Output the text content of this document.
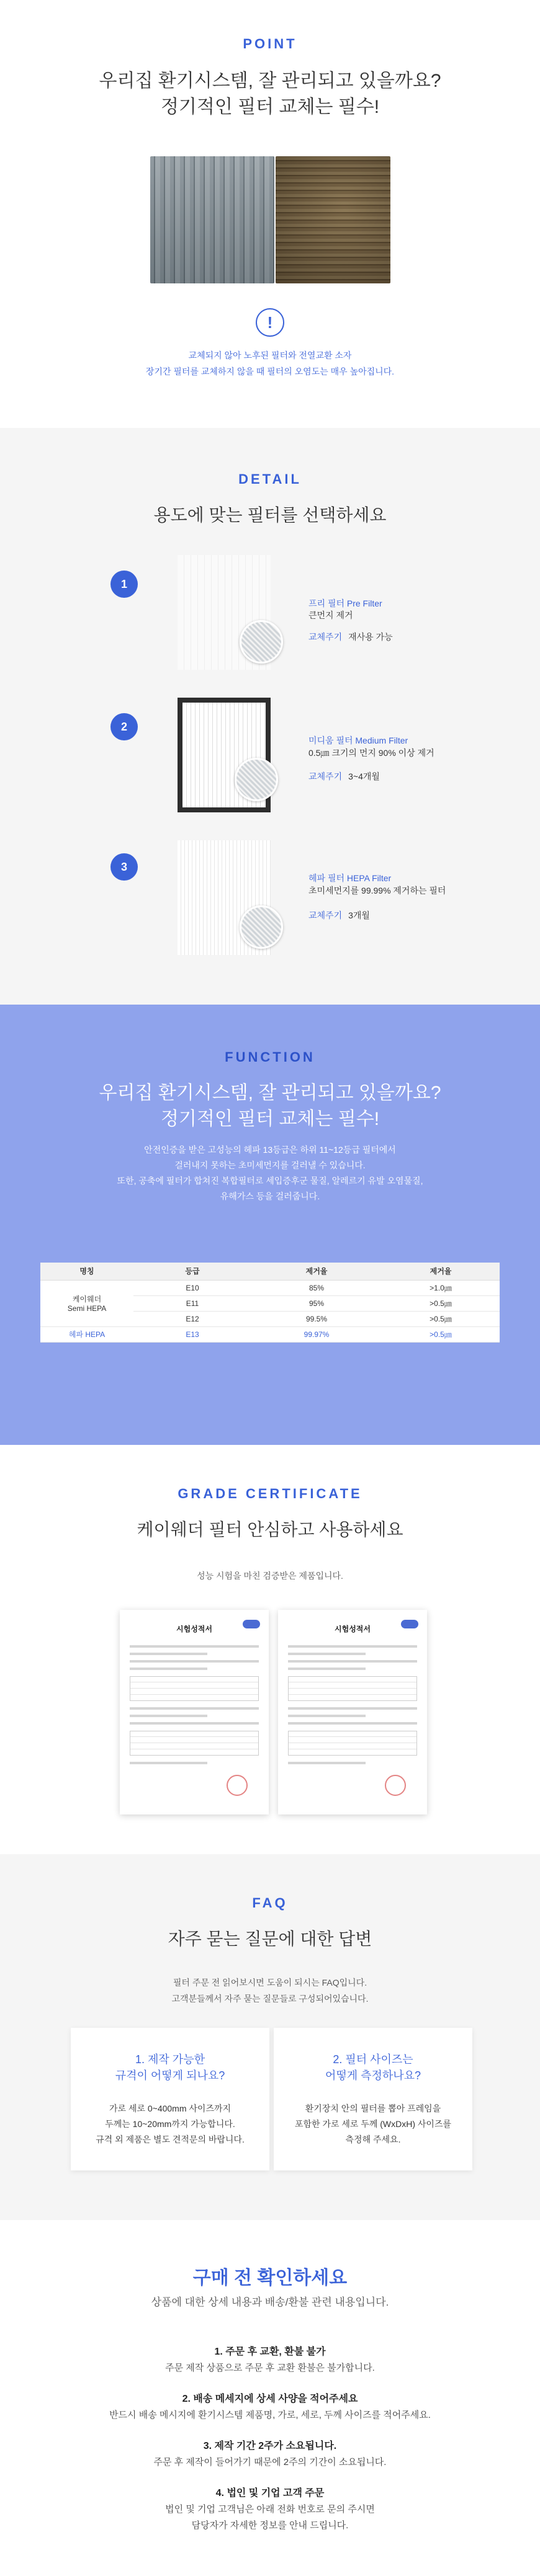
POINT
우리집 환기시스템, 잘 관리되고 있을까요?
정기적인 필터 교체는 필수!
!
교체되지 않아 노후된 필터와 전열교환 소자
장기간 필터를 교체하지 않을 때 필터의 오염도는 매우 높아집니다.
DETAIL
용도에 맞는 필터를 선택하세요
1
프리 필터 Pre Filter
큰먼지 제거
교체주기 재사용 가능
2
미디움 필터 Medium Filter
0.5㎛ 크기의 먼지 90% 이상 제거
교체주기 3~4개월
3
헤파 필터 HEPA Filter
초미세먼지를 99.99% 제거하는 필터
교체주기 3개월
FUNCTION
우리집 환기시스템, 잘 관리되고 있을까요?
정기적인 필터 교체는 필수!
안전인증을 받은 고성능의 헤파 13등급은 하위 11~12등급 필터에서
걸러내지 못하는 초미세먼지를 걸러낼 수 있습니다.
또한, 공축에 필터가 합쳐진 복합필터로 세입증후군 물질, 알레르기 유발 오염물질,
유해가스 등을 걸러줍니다.
명칭	등급	제거율	제거율

케이웨더
Semi HEPA	E10	85%	>1.0㎛
	E11	95%	>0.5㎛
	E12	99.5%	>0.5㎛
헤파 HEPA	E13	99.97%	>0.5㎛
GRADE CERTIFICATE
케이웨더 필터 안심하고 사용하세요
성능 시험을 마친 검증받은 제품입니다.
시험성적서	시험성적서
FAQ
자주 묻는 질문에 대한 답변
필터 주문 전 읽어보시면 도움이 되시는 FAQ입니다.
고객분들께서 자주 묻는 질문들로 구성되어있습니다.
1. 제작 가능한
규격이 어떻게 되나요?
가로 세로 0~400mm 사이즈까지
두께는 10~20mm까지 가능합니다.
규격 외 제품은 별도 견적문의 바랍니다.
2. 필터 사이즈는
어떻게 측정하나요?
환기장치 안의 필터를 뽑아 프레임을
포함한 가로 세로 두께 (WxDxH) 사이즈를
측정해 주세요.
구매 전 확인하세요
상품에 대한 상세 내용과 배송/환불 관련 내용입니다.
1. 주문 후 교환, 환불 불가
주문 제작 상품으로 주문 후 교환 환불은 불가합니다.
2. 배송 메세지에 상세 사양을 적어주세요
반드시 배송 메시지에 환기시스템 제품명, 가로, 세로, 두께 사이즈를 적어주세요.
3. 제작 기간 2주가 소요됩니다.
주문 후 제작이 들어가기 때문에 2주의 기간이 소요됩니다.
4. 법인 및 기업 고객 주문
법인 및 기업 고객님은 아래 전화 번호로 문의 주시면
담당자가 자세한 정보를 안내 드립니다.
